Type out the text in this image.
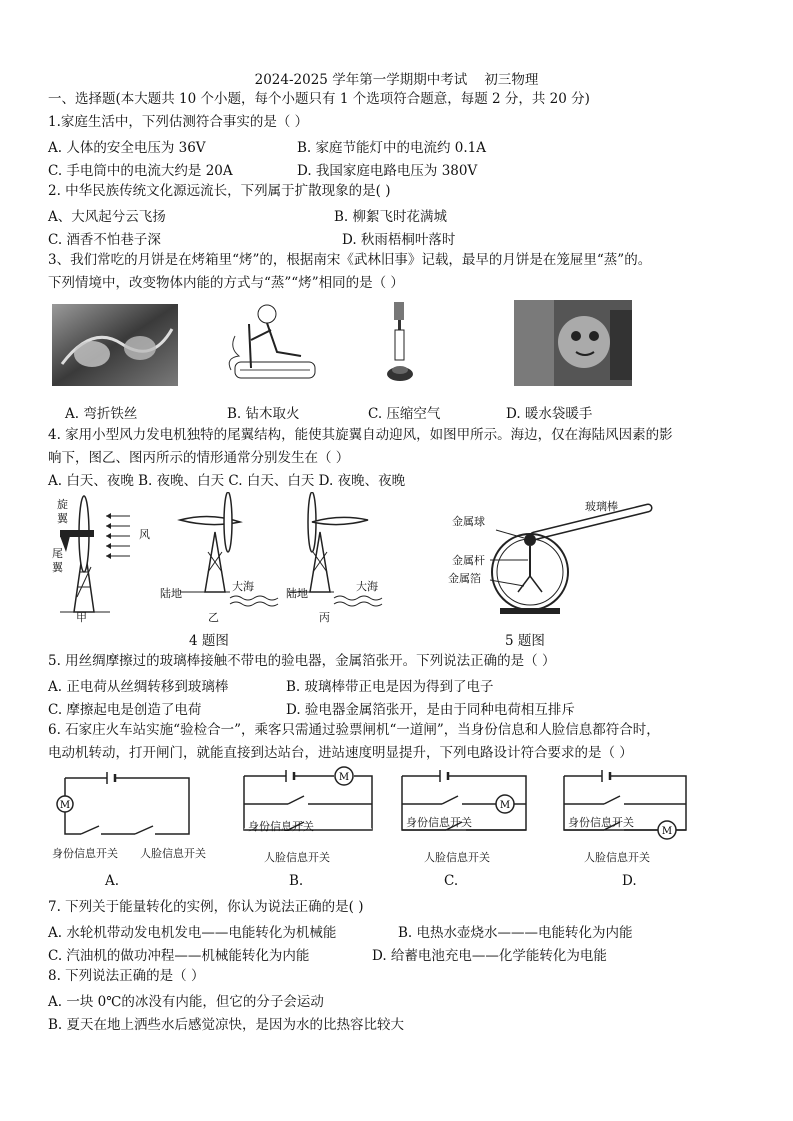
2024-2025 学年第一学期期中考试    初三物理
一、选择题(本大题共 10 个小题，每个小题只有 1 个选项符合题意，每题 2 分，共 20 分)
1.家庭生活中，下列估测符合事实的是（ ）
A. 人体的安全电压为 36V	B. 家庭节能灯中的电流约 0.1A
C. 手电筒中的电流大约是 20A	D. 我国家庭电路电压为 380V
2. 中华民族传统文化源远流长，下列属于扩散现象的是( )
A、大风起兮云飞扬	B. 柳絮飞时花满城
C. 酒香不怕巷子深	D. 秋雨梧桐叶落时
3、我们常吃的月饼是在烤箱里“烤”的，根据南宋《武林旧事》记载，最早的月饼是在笼屉里“蒸”的。
下列情境中，改变物体内能的方式与“蒸”“烤”相同的是（ ）
A. 弯折铁丝	B. 钻木取火	C. 压缩空气	D. 暖水袋暖手
4. 家用小型风力发电机独特的尾翼结构，能使其旋翼自动迎风，如图甲所示。海边，仅在海陆风因素的影
响下，图乙、图丙所示的情形通常分别发生在（ ）
A. 白天、夜晚 B. 夜晚、白天 C. 白天、白天 D. 夜晚、夜晚
旋
翼
尾
翼
风
陆地
大海
陆地
大海
甲	乙	丙
4 题图
金属球
玻璃棒
金属杆
金属箔
5 题图
5. 用丝绸摩擦过的玻璃棒接触不带电的验电器，金属箔张开。下列说法正确的是（ ）
A. 正电荷从丝绸转移到玻璃棒	B. 玻璃棒带正电是因为得到了电子
C. 摩擦起电是创造了电荷	D. 验电器金属箔张开，是由于同种电荷相互排斥
6. 石家庄火车站实施“验检合一”，乘客只需通过验票闸机“一道闸”，当身份信息和人脸信息都符合时，
电动机转动，打开闸门，就能直接到达站台，进站速度明显提升，下列电路设计符合要求的是（ ）
M
身份信息开关 人脸信息开关
A.
M
身份信息开关
人脸信息开关
B.
M
身份信息开关
人脸信息开关
C.
M
身份信息开关
人脸信息开关
D.
7. 下列关于能量转化的实例，你认为说法正确的是( )
A. 水轮机带动发电机发电——电能转化为机械能	B. 电热水壶烧水———电能转化为内能
C. 汽油机的做功冲程——机械能转化为内能	D. 给蓄电池充电——化学能转化为电能
8. 下列说法正确的是（ ）
A. 一块 0℃的冰没有内能，但它的分子会运动
B. 夏天在地上洒些水后感觉凉快，是因为水的比热容比较大
